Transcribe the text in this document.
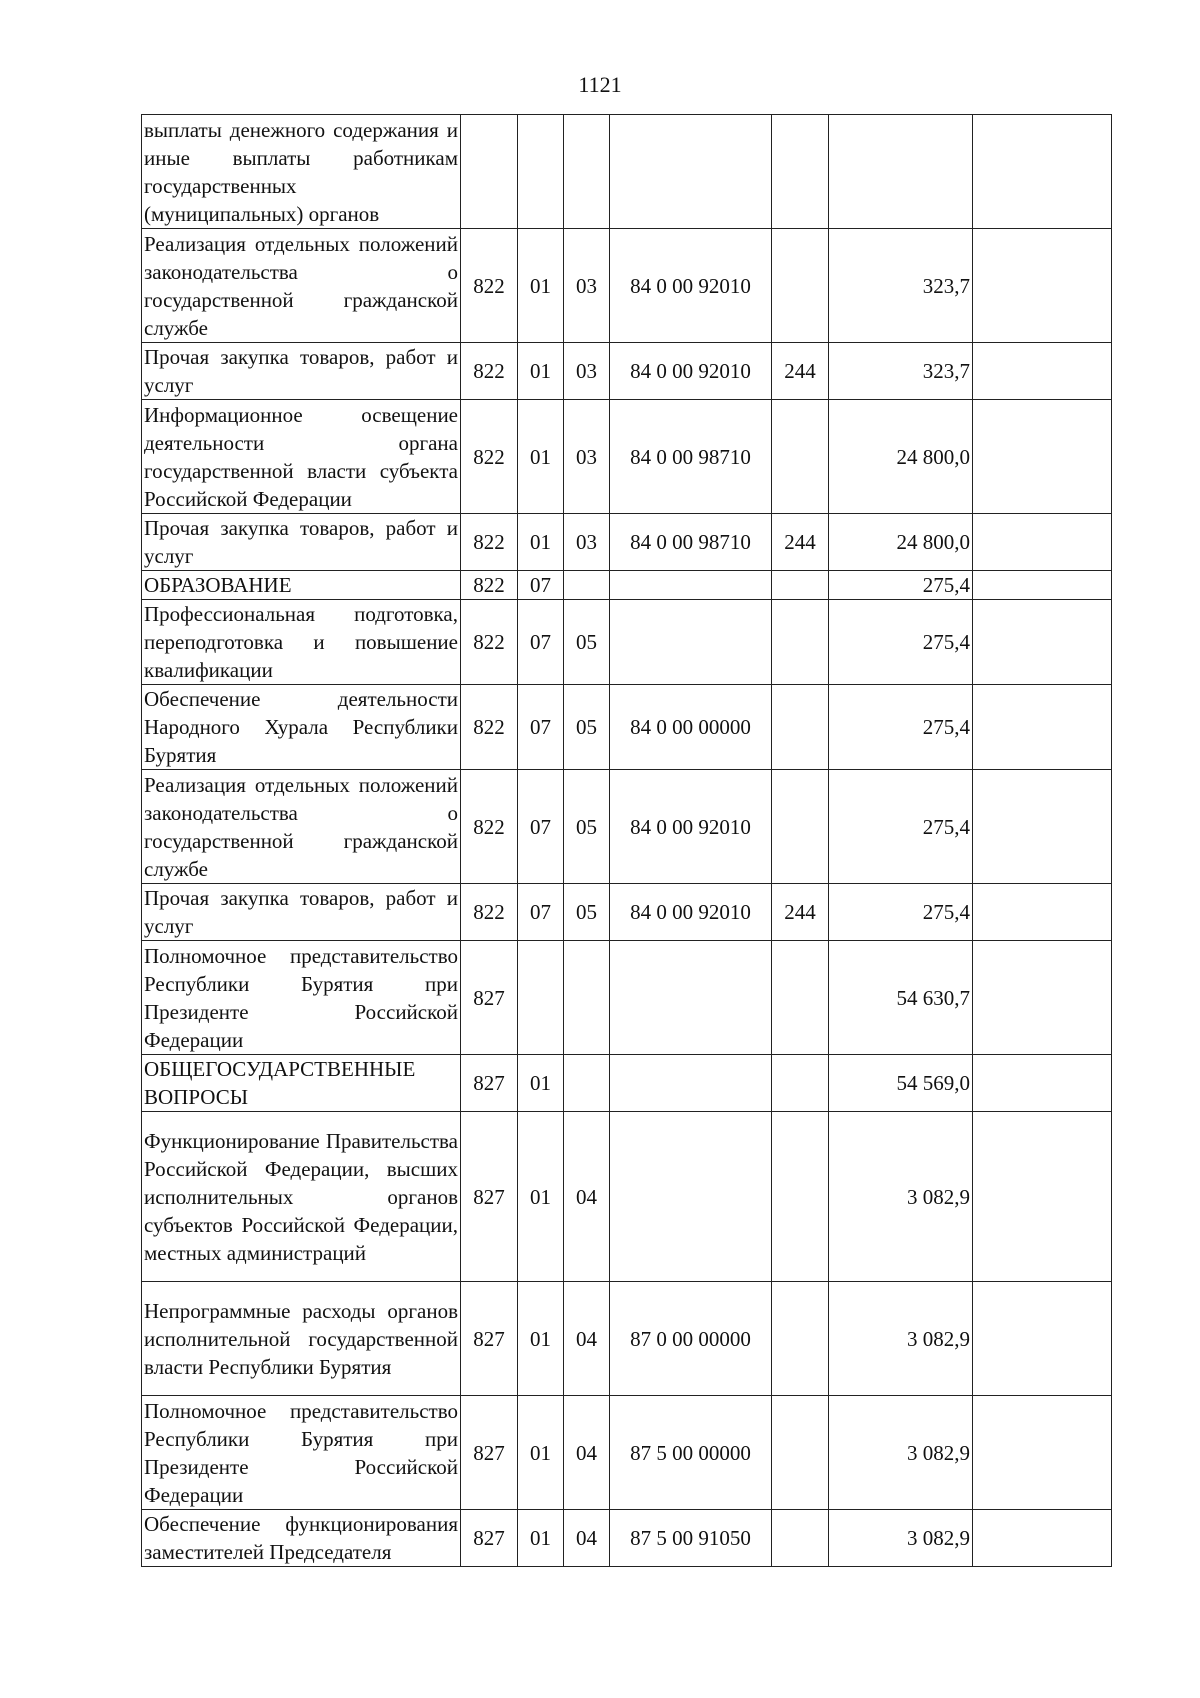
1121
выплаты денежного содержания и иные выплаты работникам государственных (муниципальных) органов							
Реализация отдельных положений законодательства о государственной гражданской службе	822	01	03	84 0 00 92010		323,7	
Прочая закупка товаров, работ и услуг	822	01	03	84 0 00 92010	244	323,7	
Информационное освещение деятельности органа государственной власти субъекта Российской Федерации	822	01	03	84 0 00 98710		24 800,0	
Прочая закупка товаров, работ и услуг	822	01	03	84 0 00 98710	244	24 800,0	
ОБРАЗОВАНИЕ	822	07				275,4	
Профессиональная подготовка, переподготовка и повышение квалификации	822	07	05			275,4	
Обеспечение деятельности Народного Хурала Республики Бурятия	822	07	05	84 0 00 00000		275,4	
Реализация отдельных положений законодательства о государственной гражданской службе	822	07	05	84 0 00 92010		275,4	
Прочая закупка товаров, работ и услуг	822	07	05	84 0 00 92010	244	275,4	
Полномочное представительство Республики Бурятия при Президенте Российской Федерации	827					54 630,7	
ОБЩЕГОСУДАРСТВЕННЫЕ ВОПРОСЫ	827	01				54 569,0	
Функционирование Правительства Российской Федерации, высших исполнительных органов субъектов Российской Федерации, местных администраций	827	01	04			3 082,9	
Непрограммные расходы органов исполнительной государственной власти Республики Бурятия	827	01	04	87 0 00 00000		3 082,9	
Полномочное представительство Республики Бурятия при Президенте Российской Федерации	827	01	04	87 5 00 00000		3 082,9	
Обеспечение функционирования заместителей Председателя	827	01	04	87 5 00 91050		3 082,9	
